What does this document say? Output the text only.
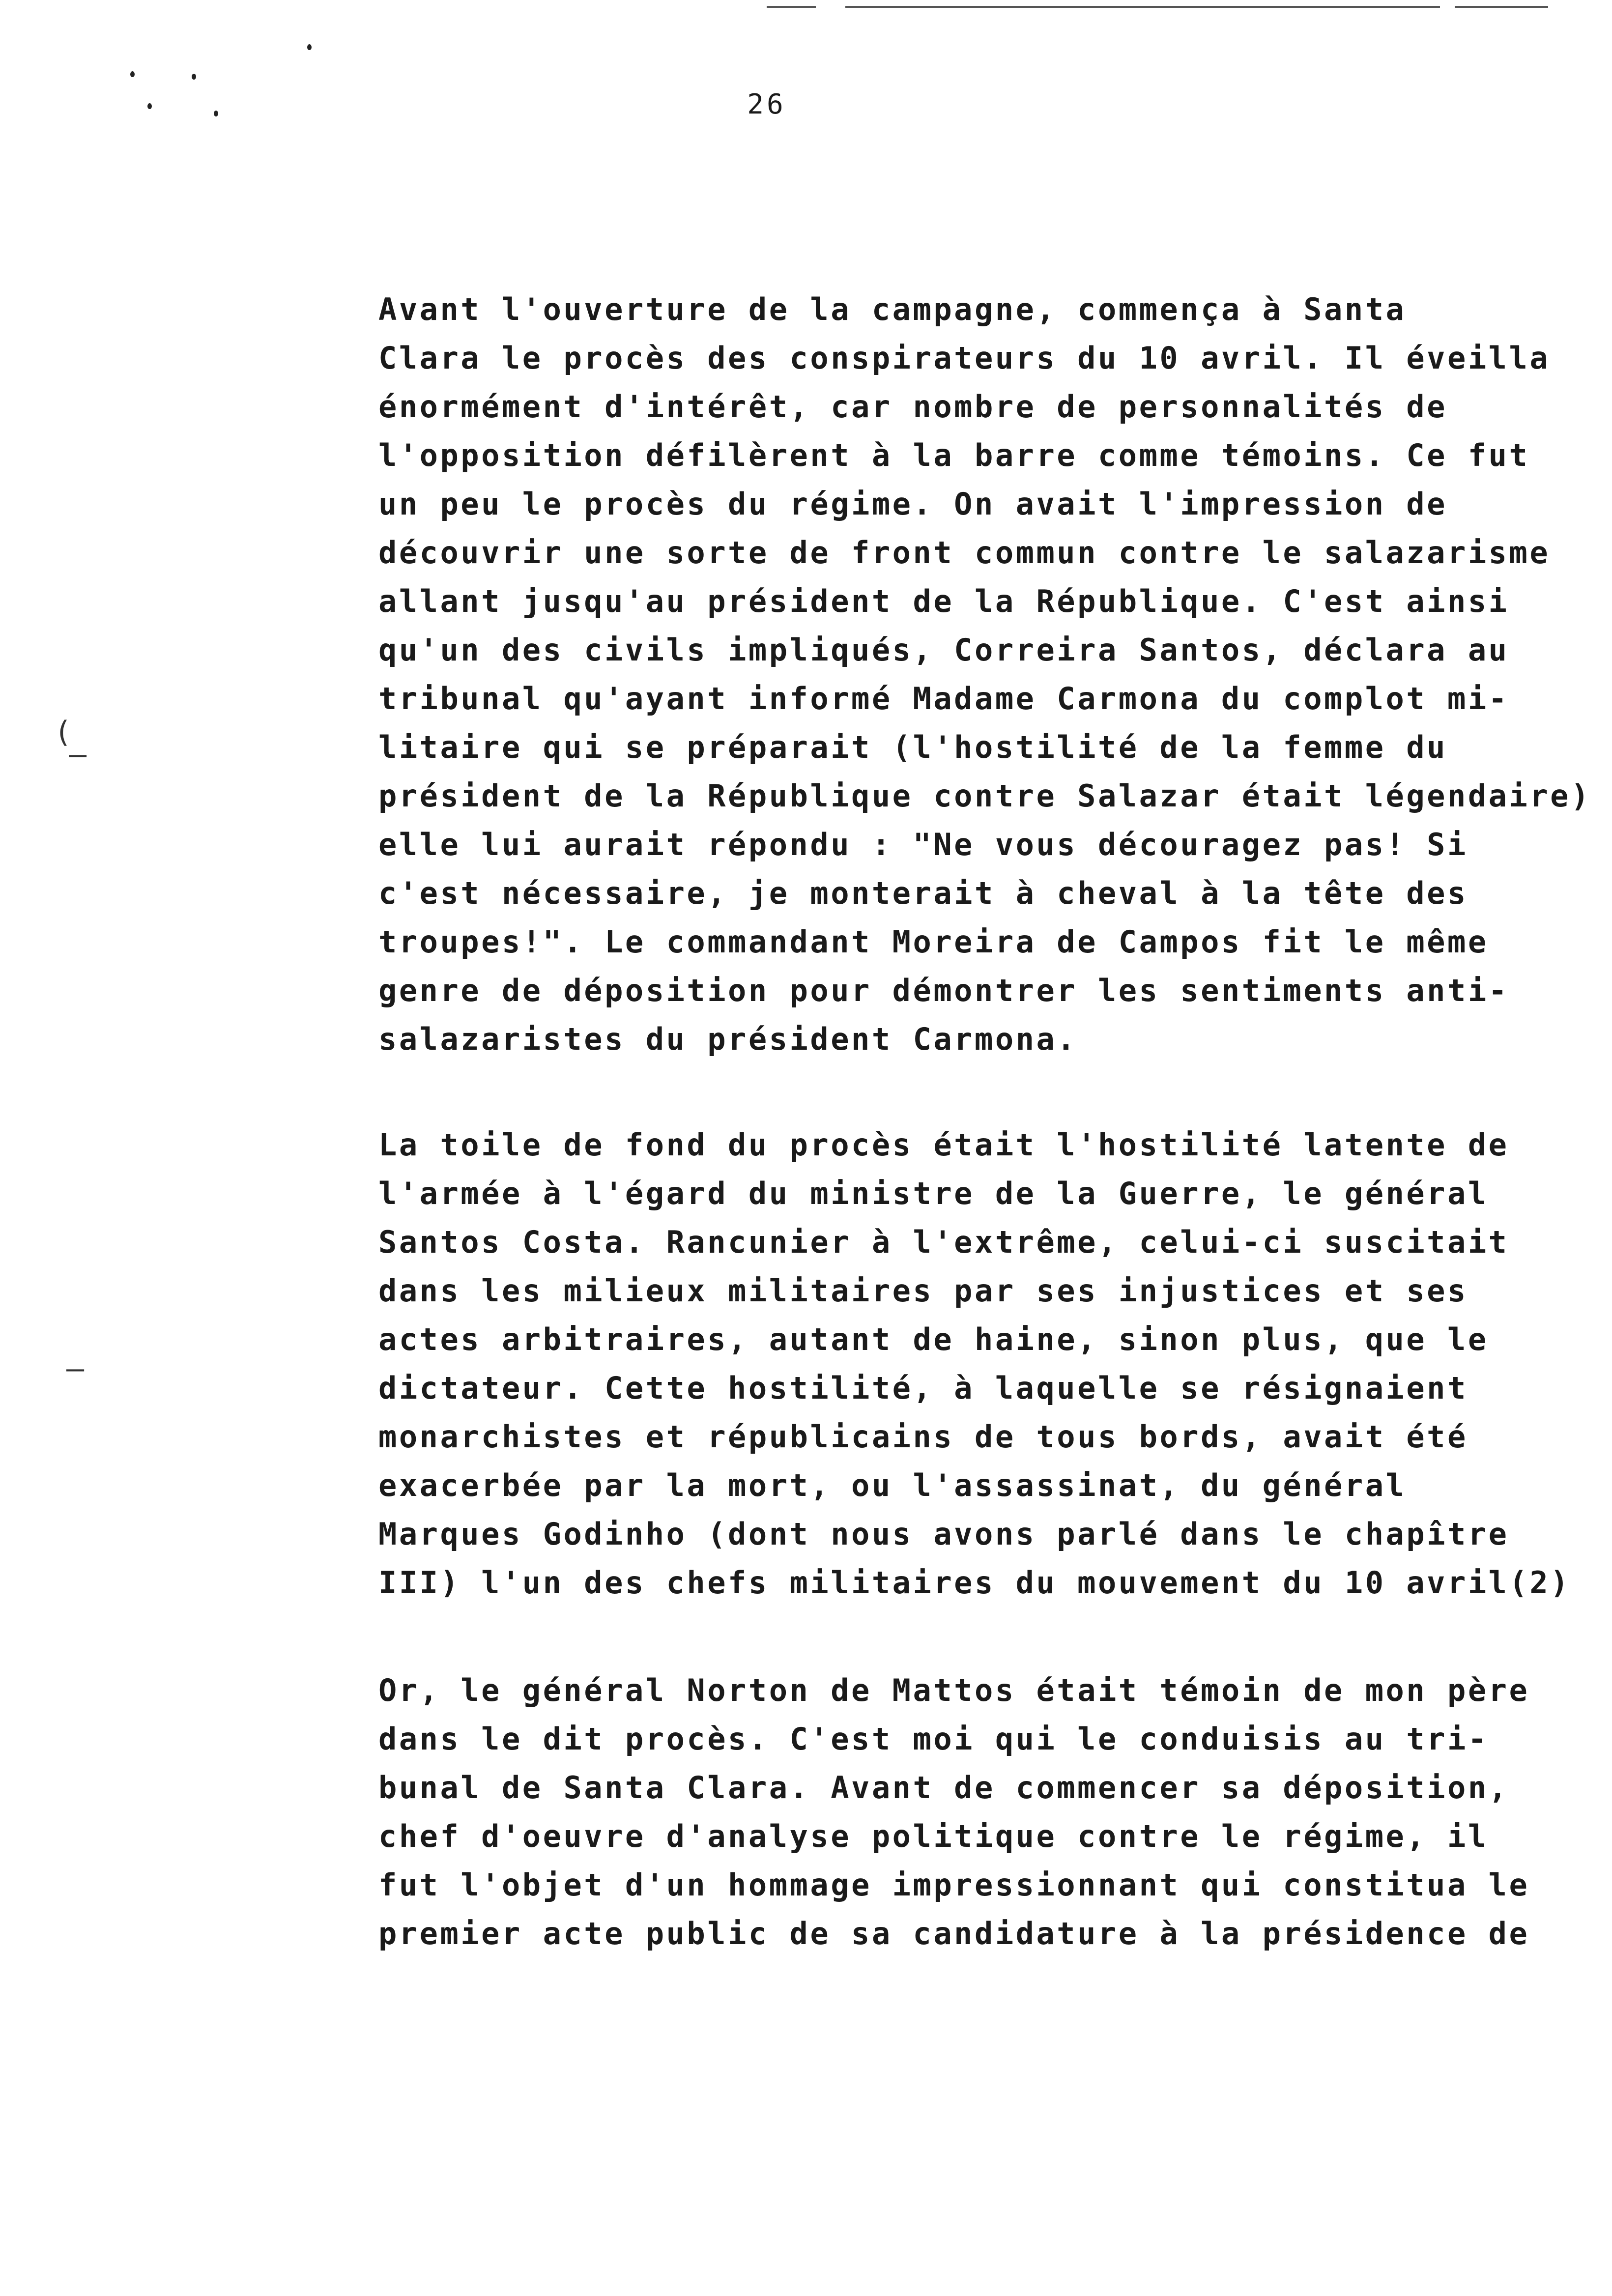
26
(
—
—
Avant l'ouverture de la campagne, commença à Santa
Clara le procès des conspirateurs du 10 avril. Il éveilla
énormément d'intérêt, car nombre de personnalités de
l'opposition défilèrent à la barre comme témoins. Ce fut
un peu le procès du régime. On avait l'impression de
découvrir une sorte de front commun contre le salazarisme
allant jusqu'au président de la République. C'est ainsi
qu'un des civils impliqués, Correira Santos, déclara au
tribunal qu'ayant informé Madame Carmona du complot mi-
litaire qui se préparait (l'hostilité de la femme du
président de la République contre Salazar était légendaire)
elle lui aurait répondu : "Ne vous découragez pas! Si
c'est nécessaire, je monterait à cheval à la tête des
troupes!". Le commandant Moreira de Campos fit le même
genre de déposition pour démontrer les sentiments anti-
salazaristes du président Carmona.
La toile de fond du procès était l'hostilité latente de
l'armée à l'égard du ministre de la Guerre, le général
Santos Costa. Rancunier à l'extrême, celui-ci suscitait
dans les milieux militaires par ses injustices et ses
actes arbitraires, autant de haine, sinon plus, que le
dictateur. Cette hostilité, à laquelle se résignaient
monarchistes et républicains de tous bords, avait été
exacerbée par la mort, ou l'assassinat, du général
Marques Godinho (dont nous avons parlé dans le chapître
III) l'un des chefs militaires du mouvement du 10 avril(2)
Or, le général Norton de Mattos était témoin de mon père
dans le dit procès. C'est moi qui le conduisis au tri-
bunal de Santa Clara. Avant de commencer sa déposition,
chef d'oeuvre d'analyse politique contre le régime, il
fut l'objet d'un hommage impressionnant qui constitua le
premier acte public de sa candidature à la présidence de
